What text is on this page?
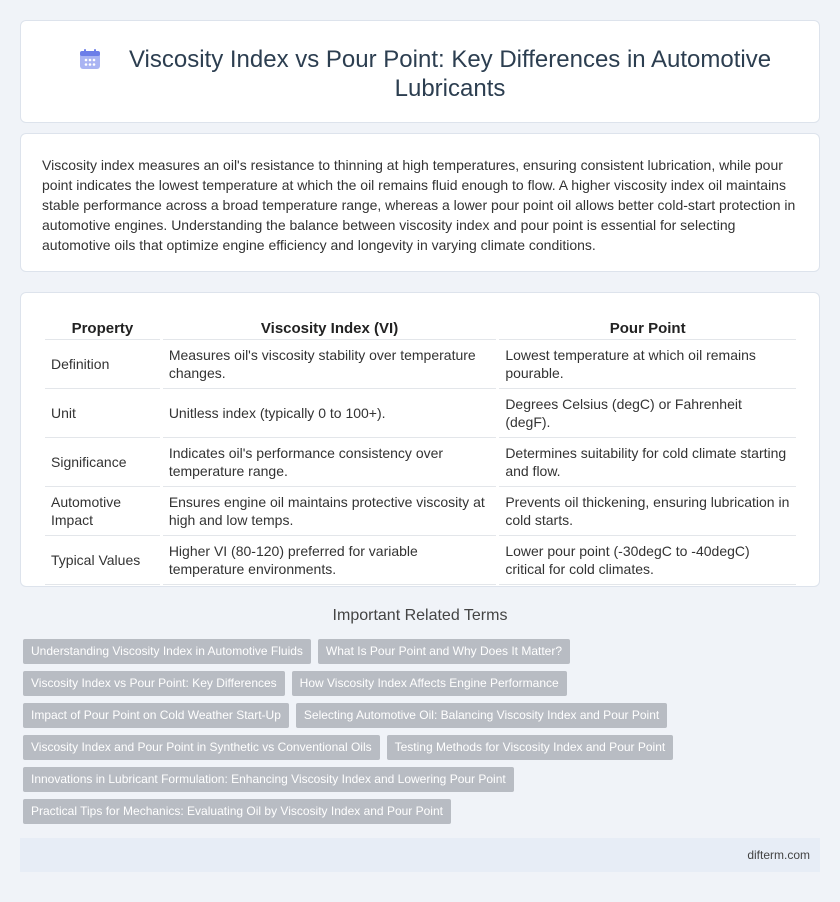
Viscosity Index vs Pour Point: Key Differences in Automotive Lubricants

Viscosity index measures an oil's resistance to thinning at high temperatures, ensuring consistent lubrication, while pour point indicates the lowest temperature at which the oil remains fluid enough to flow. A higher viscosity index oil maintains stable performance across a broad temperature range, whereas a lower pour point oil allows better cold-start protection in automotive engines. Understanding the balance between viscosity index and pour point is essential for selecting automotive oils that optimize engine efficiency and longevity in varying climate conditions.

Property	Viscosity Index (VI)	Pour Point
Definition	Measures oil's viscosity stability over temperature changes.	Lowest temperature at which oil remains pourable.
Unit	Unitless index (typically 0 to 100+).	Degrees Celsius (degC) or Fahrenheit (degF).
Significance	Indicates oil's performance consistency over temperature range.	Determines suitability for cold climate starting and flow.
Automotive Impact	Ensures engine oil maintains protective viscosity at high and low temps.	Prevents oil thickening, ensuring lubrication in cold starts.
Typical Values	Higher VI (80-120) preferred for variable temperature environments.	Lower pour point (-30degC to -40degC) critical for cold climates.
Important Related Terms
Understanding Viscosity Index in Automotive Fluids	What Is Pour Point and Why Does It Matter?
Viscosity Index vs Pour Point: Key Differences	How Viscosity Index Affects Engine Performance
Impact of Pour Point on Cold Weather Start-Up	Selecting Automotive Oil: Balancing Viscosity Index and Pour Point
Viscosity Index and Pour Point in Synthetic vs Conventional Oils	Testing Methods for Viscosity Index and Pour Point
Innovations in Lubricant Formulation: Enhancing Viscosity Index and Lowering Pour Point
Practical Tips for Mechanics: Evaluating Oil by Viscosity Index and Pour Point
difterm.com
